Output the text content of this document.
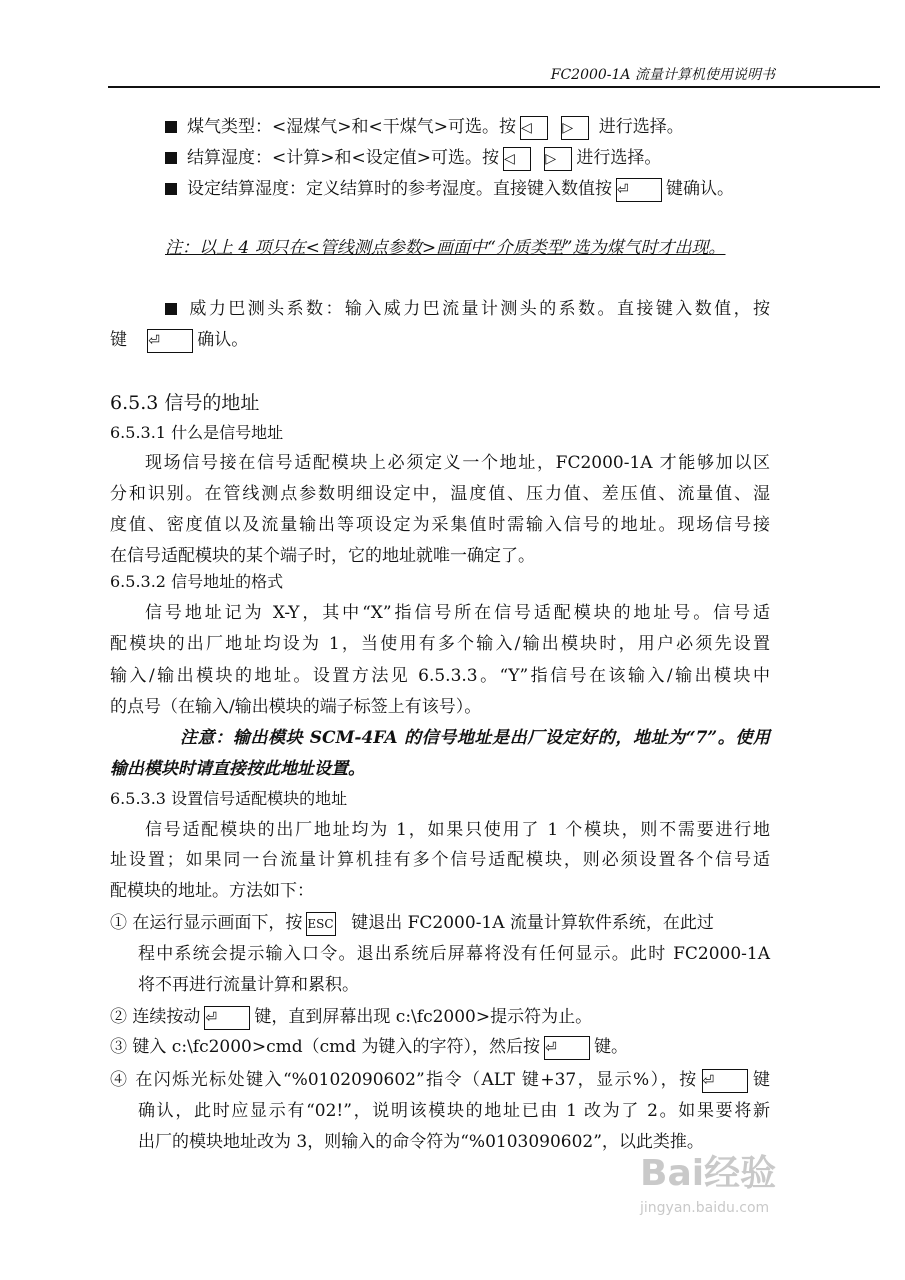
FC2000-1A 流量计算机使用说明书
煤气类型：<湿煤气>和<干煤气>可选。按 ◁ ▷ 进行选择。
结算湿度：<计算>和<设定值>可选。按 ◁ ▷ 进行选择。
设定结算湿度：定义结算时的参考湿度。直接键入数值按 ⏎ 键确认。
注：以上 4 项只在<管线测点参数>画面中“介质类型”选为煤气时才出现。
威力巴测头系数：输入威力巴流量计测头的系数。直接键入数值，按
键 ⏎ 确认。
6.5.3 信号的地址
6.5.3.1 什么是信号地址
现场信号接在信号适配模块上必须定义一个地址，FC2000-1A 才能够加以区
分和识别。在管线测点参数明细设定中，温度值、压力值、差压值、流量值、湿
度值、密度值以及流量输出等项设定为采集值时需输入信号的地址。现场信号接
在信号适配模块的某个端子时，它的地址就唯一确定了。
6.5.3.2 信号地址的格式
信号地址记为 X-Y，其中“X”指信号所在信号适配模块的地址号。信号适
配模块的出厂地址均设为 1，当使用有多个输入/输出模块时，用户必须先设置
输入/输出模块的地址。设置方法见 6.5.3.3。“Y”指信号在该输入/输出模块中
的点号（在输入/输出模块的端子标签上有该号）。
注意：输出模块 SCM-4FA 的信号地址是出厂设定好的，地址为“7”。使用
输出模块时请直接按此地址设置。
6.5.3.3 设置信号适配模块的地址
信号适配模块的出厂地址均为 1，如果只使用了 1 个模块，则不需要进行地
址设置；如果同一台流量计算机挂有多个信号适配模块，则必须设置各个信号适
配模块的地址。方法如下：
① 在运行显示画面下，按 ESC 键退出 FC2000-1A 流量计算软件系统，在此过
程中系统会提示输入口令。退出系统后屏幕将没有任何显示。此时 FC2000-1A
将不再进行流量计算和累积。
② 连续按动 ⏎ 键，直到屏幕出现 c:\fc2000>提示符为止。
③ 键入 c:\fc2000>cmd（cmd 为键入的字符），然后按 ⏎ 键。
④ 在闪烁光标处键入“%0102090602”指令（ALT 键+37，显示%），按 ⏎ 键
确认，此时应显示有“02!”，说明该模块的地址已由 1 改为了 2。如果要将新
出厂的模块地址改为 3，则输入的命令符为“%0103090602”，以此类推。
Bai经验
jingyan.baidu.com
